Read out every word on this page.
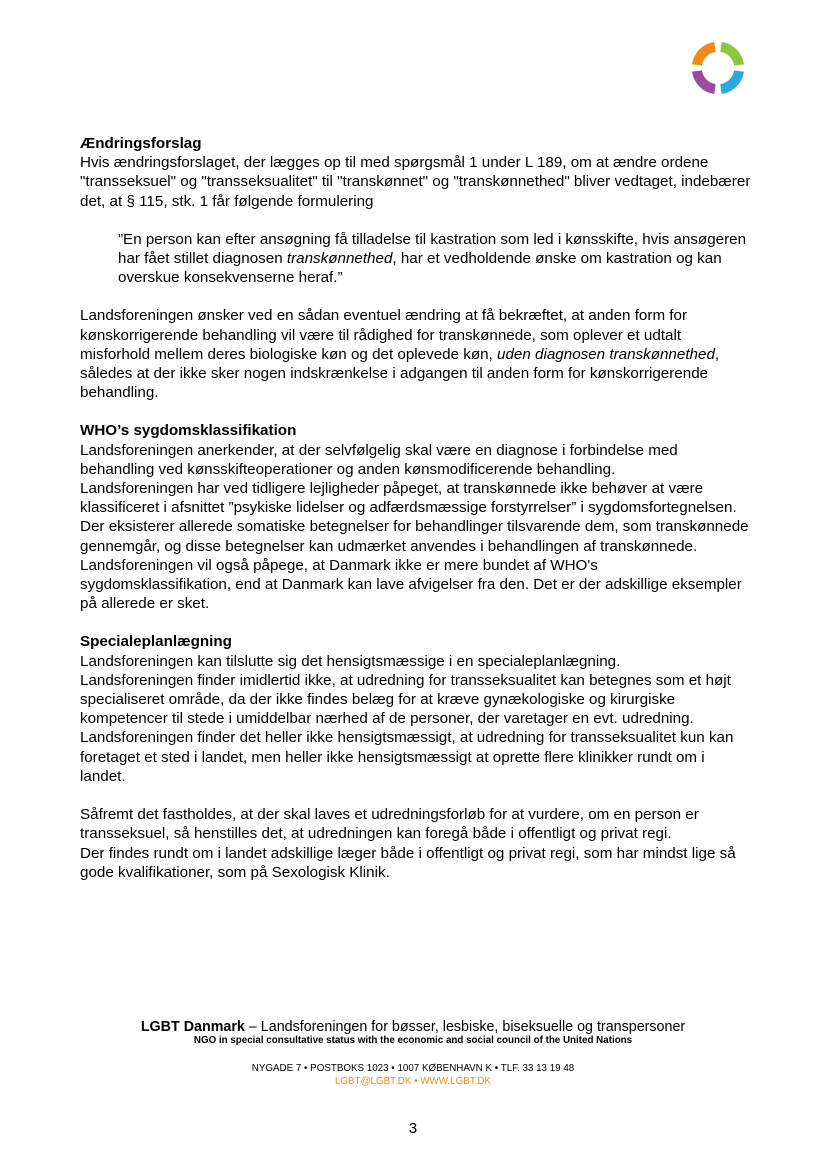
Ændringsforslag

Hvis ændringsforslaget, der lægges op til med spørgsmål 1 under L 189, om at ændre ordene "transseksuel" og "transseksualitet" til "transkønnet" og "transkønnethed" bliver vedtaget, indebærer det, at § 115, stk. 1 får følgende formulering

”En person kan efter ansøgning få tilladelse til kastration som led i kønsskifte, hvis ansøgeren har fået stillet diagnosen transkønnethed, har et vedholdende ønske om kastration og kan overskue konsekvenserne heraf.”

Landsforeningen ønsker ved en sådan eventuel ændring at få bekræftet, at anden form for kønskorrigerende behandling vil være til rådighed for transkønnede, som oplever et udtalt misforhold mellem deres biologiske køn og det oplevede køn, uden diagnosen transkønnethed, således at der ikke sker nogen indskrænkelse i adgangen til anden form for kønskorrigerende behandling.

WHO’s sygdomsklassifikation

Landsforeningen anerkender, at der selvfølgelig skal være en diagnose i forbindelse med behandling ved kønsskifteoperationer og anden kønsmodificerende behandling.

Landsforeningen har ved tidligere lejligheder påpeget, at transkønnede ikke behøver at være klassificeret i afsnittet ”psykiske lidelser og adfærdsmæssige forstyrrelser” i sygdomsfortegnelsen. Der eksisterer allerede somatiske betegnelser for behandlinger tilsvarende dem, som transkønnede gennemgår, og disse betegnelser kan udmærket anvendes i behandlingen af transkønnede.

Landsforeningen vil også påpege, at Danmark ikke er mere bundet af WHO's sygdomsklassifikation, end at Danmark kan lave afvigelser fra den. Det er der adskillige eksempler på allerede er sket.

Specialeplanlægning

Landsforeningen kan tilslutte sig det hensigtsmæssige i en specialeplanlægning.

Landsforeningen finder imidlertid ikke, at udredning for transseksualitet kan betegnes som et højt specialiseret område, da der ikke findes belæg for at kræve gynækologiske og kirurgiske kompetencer til stede i umiddelbar nærhed af de personer, der varetager en evt. udredning.

Landsforeningen finder det heller ikke hensigtsmæssigt, at udredning for transseksualitet kun kan foretaget et sted i landet, men heller ikke hensigtsmæssigt at oprette flere klinikker rundt om i landet.

Såfremt det fastholdes, at der skal laves et udredningsforløb for at vurdere, om en person er transseksuel, så henstilles det, at udredningen kan foregå både i offentligt og privat regi.

Der findes rundt om i landet adskillige læger både i offentligt og privat regi, som har mindst lige så gode kvalifikationer, som på Sexologisk Klinik.

LGBT Danmark – Landsforeningen for bøsser, lesbiske, biseksuelle og transpersoner
NGO in special consultative status with the economic and social council of the United Nations
NYGADE 7 • POSTBOKS 1023 • 1007 KØBENHAVN K • TLF. 33 13 19 48
LGBT@LGBT.DK • WWW.LGBT.DK
3
